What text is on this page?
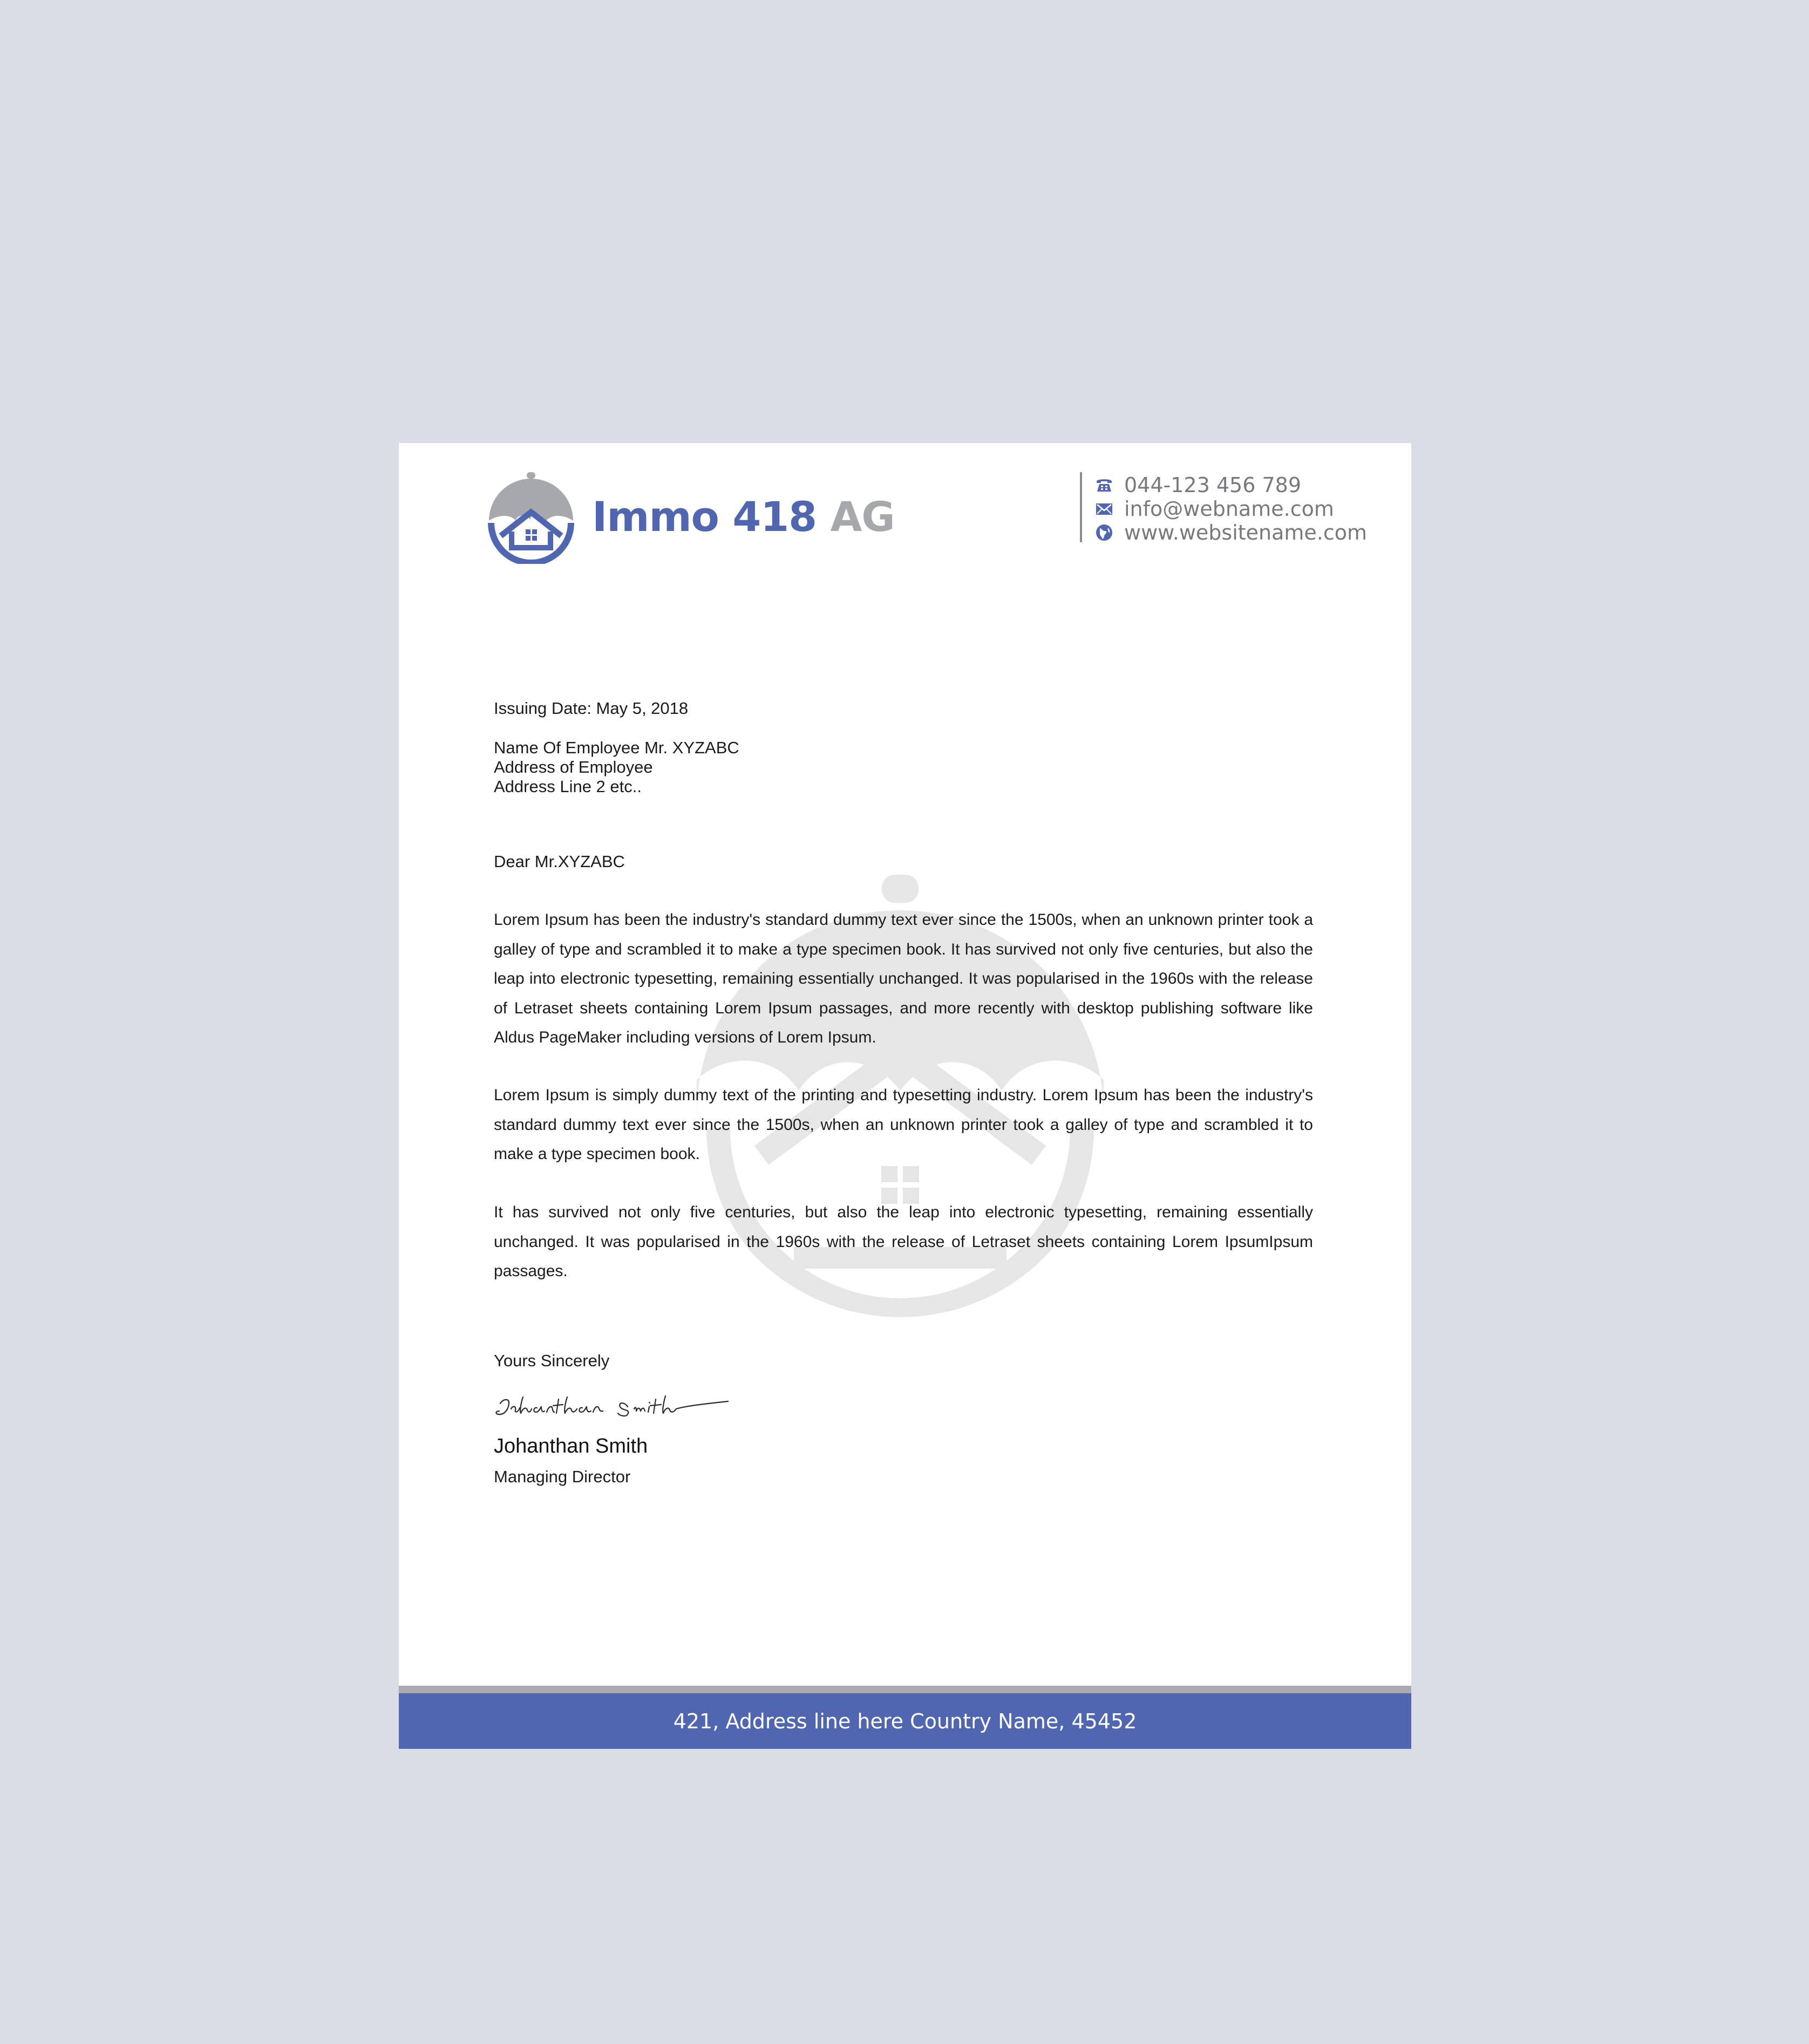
Immo 418 AG
044-123 456 789
info@webname.com
www.websitename.com
Issuing Date: May 5, 2018
Name Of Employee Mr. XYZABC
Address of Employee
Address Line 2 etc..
Dear Mr.XYZABC

Lorem Ipsum has been the industry's standard dummy text ever since the 1500s, when an unknown printer took a galley of type and scrambled it to make a type specimen book. It has survived not only five centuries, but also the leap into electronic typesetting, remaining essentially unchanged. It was popularised in the 1960s with the release of Letraset sheets containing Lorem Ipsum passages, and more recently with desktop publishing software like Aldus PageMaker including versions of Lorem Ipsum.

Lorem Ipsum is simply dummy text of the printing and typesetting industry. Lorem Ipsum has been the industry's standard dummy text ever since the 1500s, when an unknown printer took a galley of type and scrambled it to make a type specimen book.

It has survived not only five centuries, but also the leap into electronic typesetting, remaining essentially unchanged. It was popularised in the 1960s with the release of Letraset sheets containing Lorem IpsumIpsum passages.

Yours Sincerely
Johanthan Smith
Managing Director
421, Address line here Country Name, 45452
